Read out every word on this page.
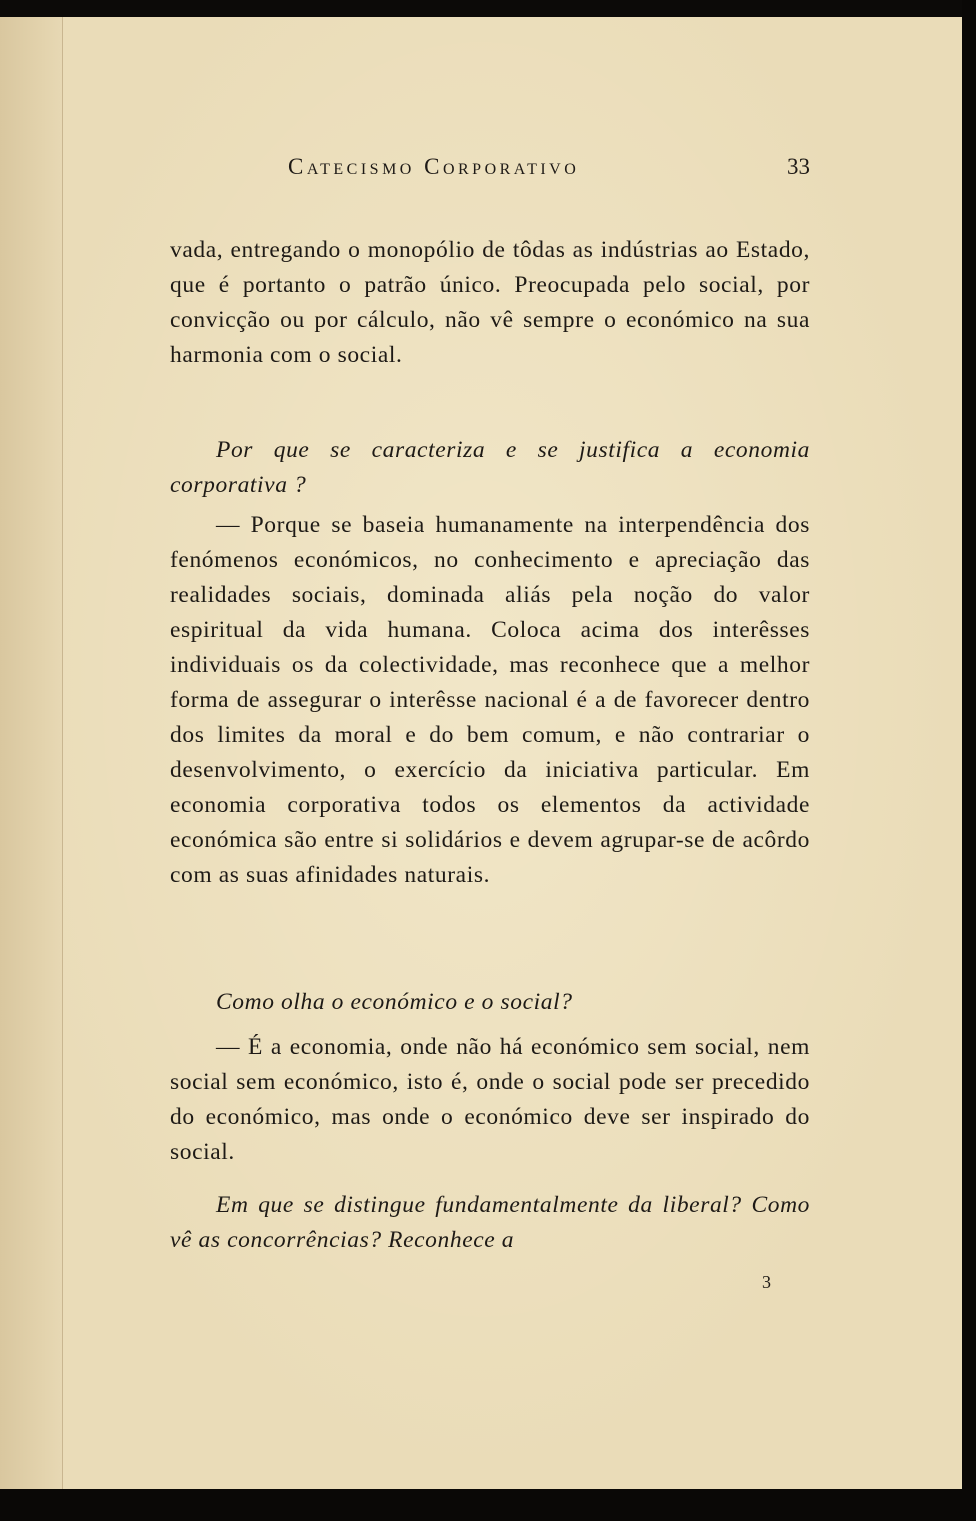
Catecismo Corporativo	33
vada, entregando o monopólio de tôdas as indústrias ao Estado, que é portanto o patrão único. Preocupada pelo social, por convicção ou por cálculo, não vê sempre o económico na sua harmonia com o social.
Por que se caracteriza e se justifica a economia corporativa ?
— Porque se baseia humanamente na interpendência dos fenómenos económicos, no conhecimento e apreciação das realidades sociais, dominada aliás pela noção do valor espiritual da vida humana. Coloca acima dos interêsses individuais os da colectividade, mas reconhece que a melhor forma de assegurar o interêsse nacional é a de favorecer dentro dos limites da moral e do bem comum, e não contrariar o desenvolvimento, o exercício da iniciativa particular. Em economia corporativa todos os elementos da actividade económica são entre si solidários e devem agrupar-se de acôrdo com as suas afinidades naturais.
Como olha o económico e o social?
— É a economia, onde não há económico sem social, nem social sem económico, isto é, onde o social pode ser precedido do económico, mas onde o económico deve ser inspirado do social.
Em que se distingue fundamentalmente da liberal? Como vê as concorrências? Reconhece a
3
